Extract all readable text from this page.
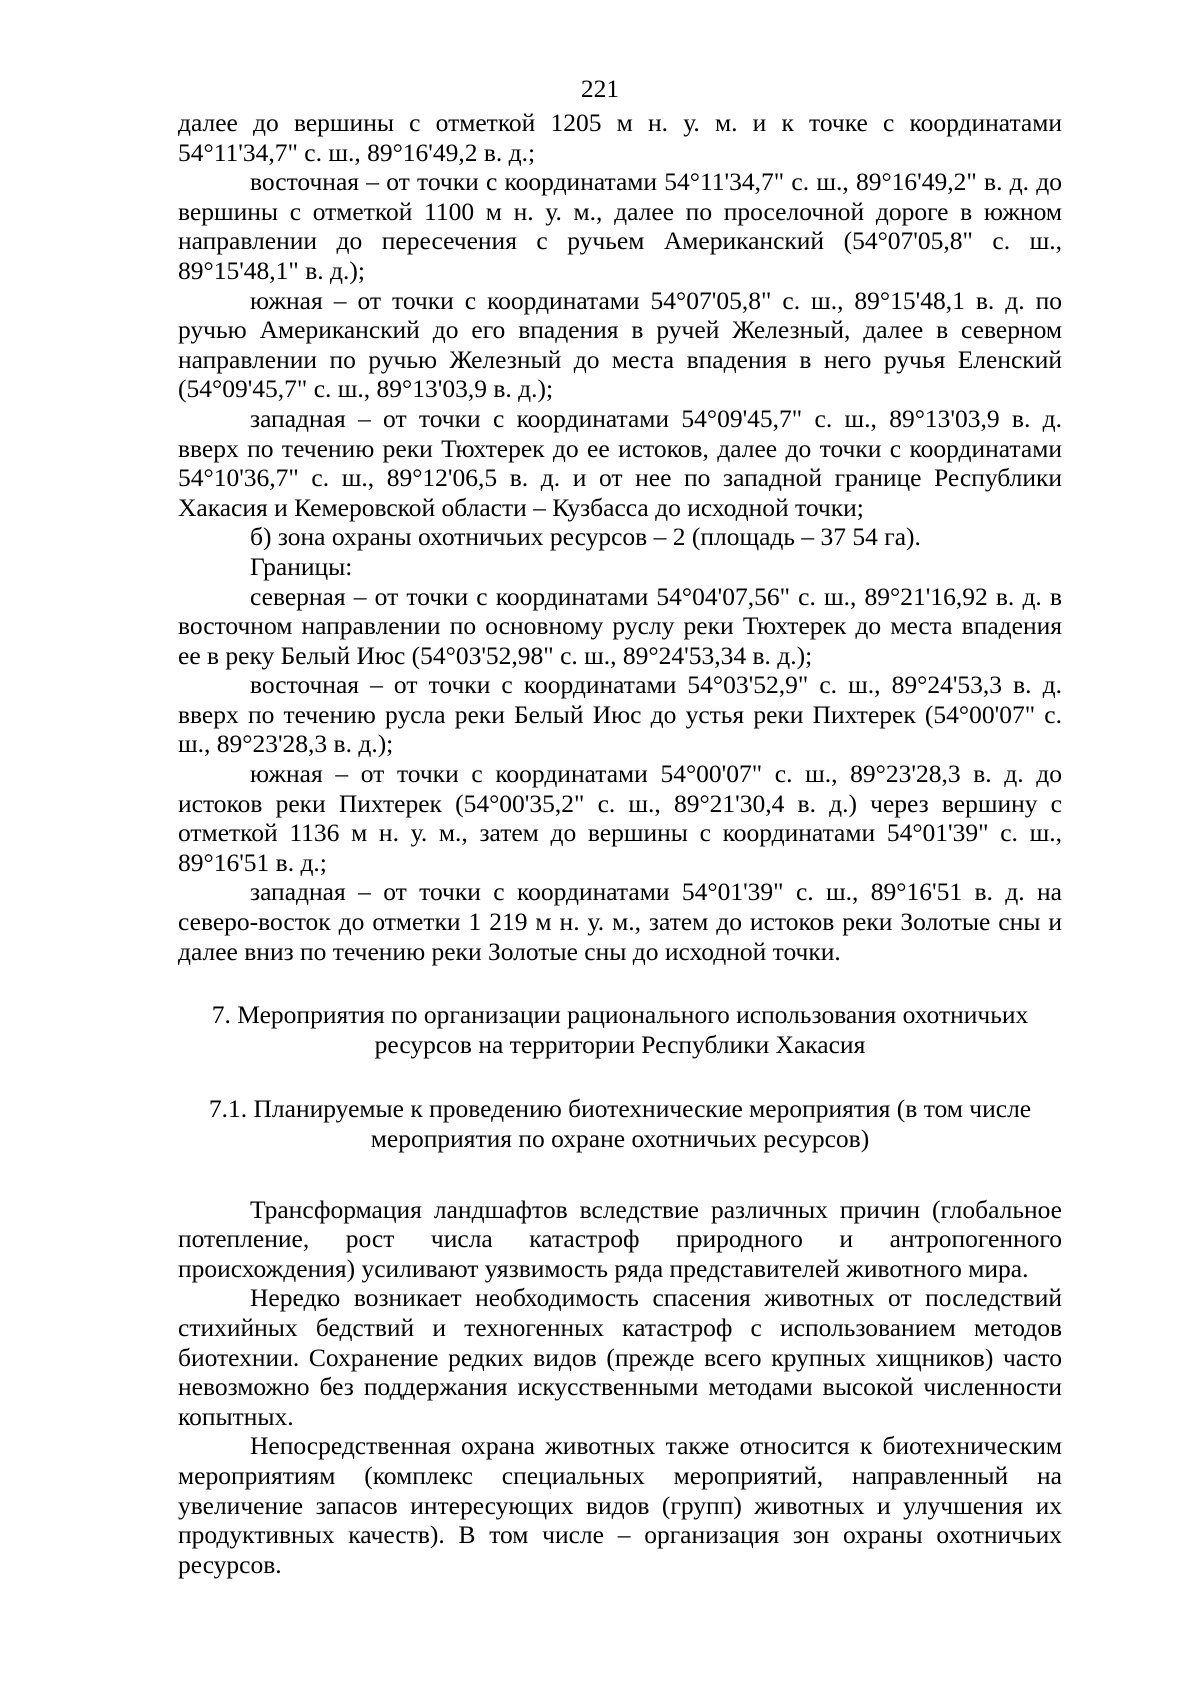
221

далее до вершины с отметкой 1205 м н. у. м. и к точке с координатами 54°11'34,7" с. ш., 89°16'49,2 в. д.;

восточная – от точки с координатами 54°11'34,7" с. ш., 89°16'49,2" в. д. до вершины с отметкой 1100 м н. у. м., далее по проселочной дороге в южном направлении до пересечения с ручьем Американский (54°07'05,8" с. ш., 89°15'48,1" в. д.);

южная – от точки с координатами 54°07'05,8" с. ш., 89°15'48,1 в. д. по ручью Американский до его впадения в ручей Железный, далее в северном направлении по ручью Железный до места впадения в него ручья Еленский (54°09'45,7" с. ш., 89°13'03,9 в. д.);

западная – от точки с координатами 54°09'45,7" с. ш., 89°13'03,9 в. д. вверх по течению реки Тюхтерек до ее истоков, далее до точки с координатами 54°10'36,7" с. ш., 89°12'06,5 в. д. и от нее по западной границе Республики Хакасия и Кемеровской области – Кузбасса до исходной точки;

б) зона охраны охотничьих ресурсов – 2 (площадь – 37 54 га).

Границы:

северная – от точки с координатами 54°04'07,56" с. ш., 89°21'16,92 в. д. в восточном направлении по основному руслу реки Тюхтерек до места впадения ее в реку Белый Июс (54°03'52,98" с. ш., 89°24'53,34 в. д.);

восточная – от точки с координатами 54°03'52,9" с. ш., 89°24'53,3 в. д. вверх по течению русла реки Белый Июс до устья реки Пихтерек (54°00'07" с. ш., 89°23'28,3 в. д.);

южная – от точки с координатами 54°00'07" с. ш., 89°23'28,3 в. д. до истоков реки Пихтерек (54°00'35,2" с. ш., 89°21'30,4 в. д.) через вершину с отметкой 1136 м н. у. м., затем до вершины с координатами 54°01'39" с. ш., 89°16'51 в. д.;

западная – от точки с координатами 54°01'39" с. ш., 89°16'51 в. д. на северо-восток до отметки 1 219 м н. у. м., затем до истоков реки Золотые сны и далее вниз по течению реки Золотые сны до исходной точки.

7. Мероприятия по организации рационального использования охотничьих ресурсов на территории Республики Хакасия

7.1. Планируемые к проведению биотехнические мероприятия (в том числе мероприятия по охране охотничьих ресурсов)

Трансформация ландшафтов вследствие различных причин (глобальное потепление, рост числа катастроф природного и антропогенного происхождения) усиливают уязвимость ряда представителей животного мира.

Нередко возникает необходимость спасения животных от последствий стихийных бедствий и техногенных катастроф с использованием методов биотехнии. Сохранение редких видов (прежде всего крупных хищников) часто невозможно без поддержания искусственными методами высокой численности копытных.

Непосредственная охрана животных также относится к биотехническим мероприятиям (комплекс специальных мероприятий, направленный на увеличение запасов интересующих видов (групп) животных и улучшения их продуктивных качеств). В том числе – организация зон охраны охотничьих ресурсов.
